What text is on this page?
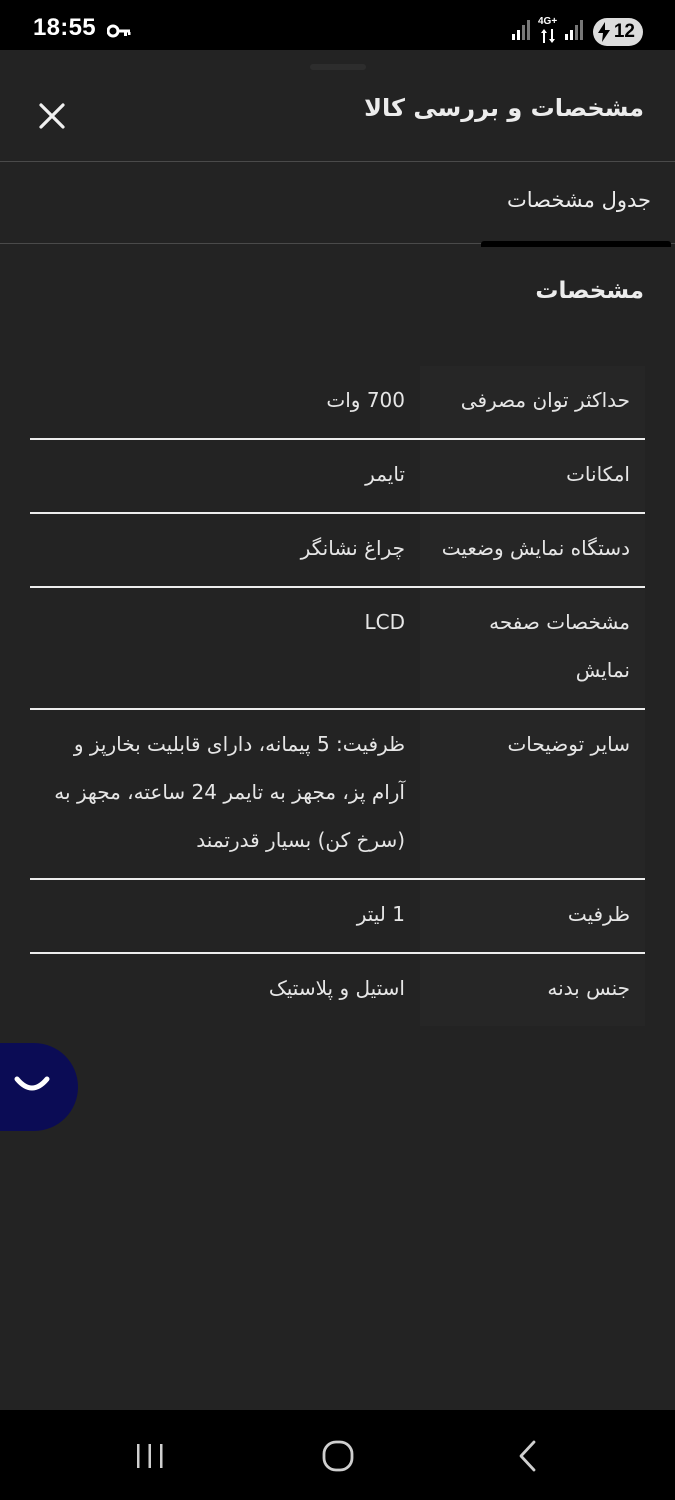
18:55	4G+	12
مشخصات و بررسی کالا
جدول مشخصات
مشخصات
حداکثر توان مصرفی
700 وات
امکانات
تایمر
دستگاه نمایش وضعیت
چراغ نشانگر
مشخصات صفحه نمایش
LCD
سایر توضیحات
ظرفیت: 5 پیمانه، دارای قابلیت بخارپز و آرام پز، مجهز به تایمر 24 ساعته، مجهز به (سرخ کن) بسیار قدرتمند
ظرفیت
1 لیتر
جنس بدنه
استیل و پلاستیک
